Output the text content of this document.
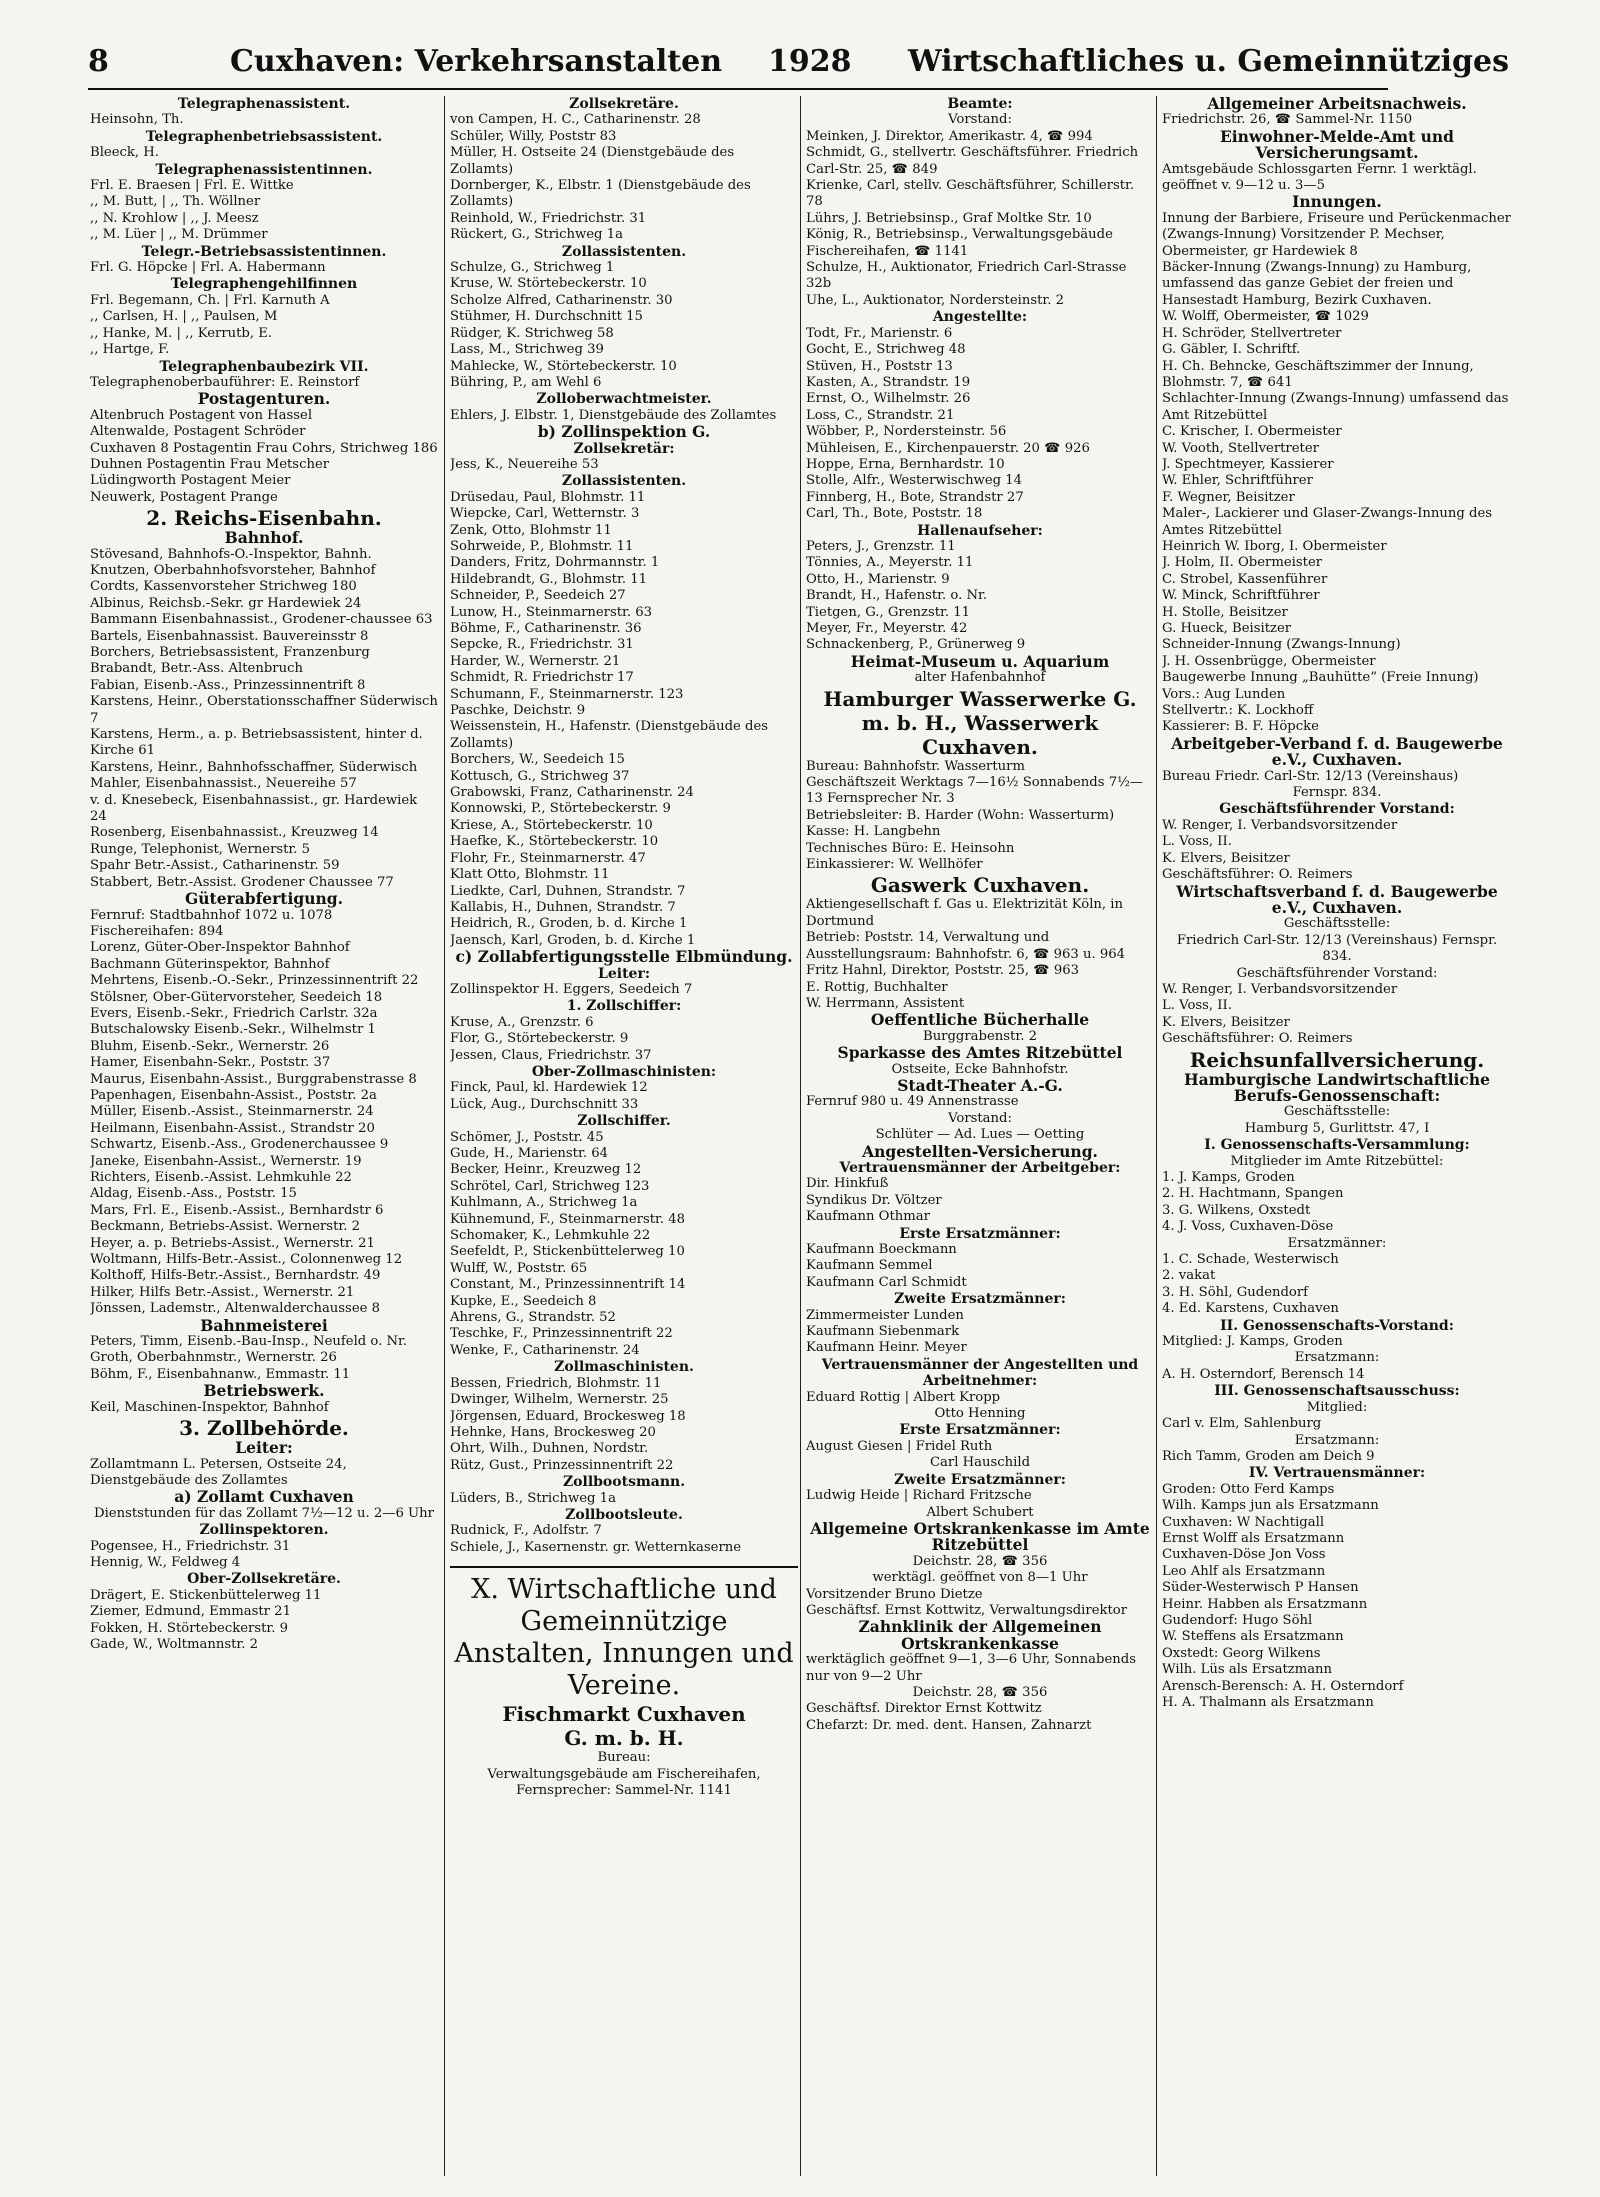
8	Cuxhaven: Verkehrsanstalten 1928 Wirtschaftliches u. Gemeinnütziges
Telegraphenassistent.
Heinsohn, Th.
Telegraphenbetriebsassistent.
Bleeck, H.
Telegraphenassistentinnen.
Frl. E. Braesen | Frl. E. Wittke
,, M. Butt, | ,, Th. Wöllner
,, N. Krohlow | ,, J. Meesz
,, M. Lüer | ,, M. Drümmer
Telegr.-Betriebsassistentinnen.
Frl. G. Höpcke | Frl. A. Habermann
Telegraphengehilfinnen
Frl. Begemann, Ch. | Frl. Karnuth A
,, Carlsen, H. | ,, Paulsen, M
,, Hanke, M. | ,, Kerrutb, E.
,, Hartge, F.
Telegraphenbaubezirk VII.
Telegraphenoberbauführer: E. Reinstorf
Postagenturen.
Altenbruch Postagent von Hassel
Altenwalde, Postagent Schröder
Cuxhaven 8 Postagentin Frau Cohrs, Strichweg 186
Duhnen Postagentin Frau Metscher
Lüdingworth Postagent Meier
Neuwerk, Postagent Prange
2. Reichs-Eisenbahn.
Bahnhof.
Stövesand, Bahnhofs-O.-Inspektor, Bahnh.
Knutzen, Oberbahnhofsvorsteher, Bahnhof
Cordts, Kassenvorsteher Strichweg 180
Albinus, Reichsb.-Sekr. gr Hardewiek 24
Bammann Eisenbahnassist., Grodener-chaussee 63
Bartels, Eisenbahnassist. Bauvereinsstr 8
Borchers, Betriebsassistent, Franzenburg
Brabandt, Betr.-Ass. Altenbruch
Fabian, Eisenb.-Ass., Prinzessinnentrift 8
Karstens, Heinr., Oberstationsschaffner Süderwisch 7
Karstens, Herm., a. p. Betriebsassistent, hinter d. Kirche 61
Karstens, Heinr., Bahnhofsschaffner, Süderwisch
Mahler, Eisenbahnassist., Neuereihe 57
v. d. Knesebeck, Eisenbahnassist., gr. Hardewiek 24
Rosenberg, Eisenbahnassist., Kreuzweg 14
Runge, Telephonist, Wernerstr. 5
Spahr Betr.-Assist., Catharinenstr. 59
Stabbert, Betr.-Assist. Grodener Chaussee 77
Güterabfertigung.
Fernruf: Stadtbahnhof 1072 u. 1078 Fischereihafen: 894
Lorenz, Güter-Ober-Inspektor Bahnhof
Bachmann Güterinspektor, Bahnhof
Mehrtens, Eisenb.-O.-Sekr., Prinzessinnentrift 22
Stölsner, Ober-Gütervorsteher, Seedeich 18
Evers, Eisenb.-Sekr., Friedrich Carlstr. 32a
Butschalowsky Eisenb.-Sekr., Wilhelmstr 1
Bluhm, Eisenb.-Sekr., Wernerstr. 26
Hamer, Eisenbahn-Sekr., Poststr. 37
Maurus, Eisenbahn-Assist., Burggrabenstrasse 8
Papenhagen, Eisenbahn-Assist., Poststr. 2a
Müller, Eisenb.-Assist., Steinmarnerstr. 24
Heilmann, Eisenbahn-Assist., Strandstr 20
Schwartz, Eisenb.-Ass., Grodenerchaussee 9
Janeke, Eisenbahn-Assist., Wernerstr. 19
Richters, Eisenb.-Assist. Lehmkuhle 22
Aldag, Eisenb.-Ass., Poststr. 15
Mars, Frl. E., Eisenb.-Assist., Bernhardstr 6
Beckmann, Betriebs-Assist. Wernerstr. 2
Heyer, a. p. Betriebs-Assist., Wernerstr. 21
Woltmann, Hilfs-Betr.-Assist., Colonnenweg 12
Kolthoff, Hilfs-Betr.-Assist., Bernhardstr. 49
Hilker, Hilfs Betr.-Assist., Wernerstr. 21
Jönssen, Lademstr., Altenwalderchaussee 8
Bahnmeisterei
Peters, Timm, Eisenb.-Bau-Insp., Neufeld o. Nr.
Groth, Oberbahnmstr., Wernerstr. 26
Böhm, F., Eisenbahnanw., Emmastr. 11
Betriebswerk.
Keil, Maschinen-Inspektor, Bahnhof
3. Zollbehörde.
Leiter:
Zollamtmann L. Petersen, Ostseite 24, Dienstgebäude des Zollamtes
a) Zollamt Cuxhaven
Dienststunden für das Zollamt 7½—12 u. 2—6 Uhr
Zollinspektoren.
Pogensee, H., Friedrichstr. 31
Hennig, W., Feldweg 4
Ober-Zollsekretäre.
Drägert, E. Stickenbüttelerweg 11
Ziemer, Edmund, Emmastr 21
Fokken, H. Störtebeckerstr. 9
Gade, W., Woltmannstr. 2
Zollsekretäre.
von Campen, H. C., Catharinenstr. 28
Schüler, Willy, Poststr 83
Müller, H. Ostseite 24 (Dienstgebäude des Zollamts)
Dornberger, K., Elbstr. 1 (Dienstgebäude des Zollamts)
Reinhold, W., Friedrichstr. 31
Rückert, G., Strichweg 1a
Zollassistenten.
Schulze, G., Strichweg 1
Kruse, W. Störtebeckerstr. 10
Scholze Alfred, Catharinenstr. 30
Stühmer, H. Durchschnitt 15
Rüdger, K. Strichweg 58
Lass, M., Strichweg 39
Mahlecke, W., Störtebeckerstr. 10
Bühring, P., am Wehl 6
Zolloberwachtmeister.
Ehlers, J. Elbstr. 1, Dienstgebäude des Zollamtes
b) Zollinspektion G.
Zollsekretär:
Jess, K., Neuereihe 53
Zollassistenten.
Drüsedau, Paul, Blohmstr. 11
Wiepcke, Carl, Wetternstr. 3
Zenk, Otto, Blohmstr 11
Sohrweide, P., Blohmstr. 11
Danders, Fritz, Dohrmannstr. 1
Hildebrandt, G., Blohmstr. 11
Schneider, P., Seedeich 27
Lunow, H., Steinmarnerstr. 63
Böhme, F., Catharinenstr. 36
Sepcke, R., Friedrichstr. 31
Harder, W., Wernerstr. 21
Schmidt, R. Friedrichstr 17
Schumann, F., Steinmarnerstr. 123
Paschke, Deichstr. 9
Weissenstein, H., Hafenstr. (Dienstgebäude des Zollamts)
Borchers, W., Seedeich 15
Kottusch, G., Strichweg 37
Grabowski, Franz, Catharinenstr. 24
Konnowski, P., Störtebeckerstr. 9
Kriese, A., Störtebeckerstr. 10
Haefke, K., Störtebeckerstr. 10
Flohr, Fr., Steinmarnerstr. 47
Klatt Otto, Blohmstr. 11
Liedkte, Carl, Duhnen, Strandstr. 7
Kallabis, H., Duhnen, Strandstr. 7
Heidrich, R., Groden, b. d. Kirche 1
Jaensch, Karl, Groden, b. d. Kirche 1
c) Zollabfertigungsstelle Elbmündung.
Leiter:
Zollinspektor H. Eggers, Seedeich 7
1. Zollschiffer:
Kruse, A., Grenzstr. 6
Flor, G., Störtebeckerstr. 9
Jessen, Claus, Friedrichstr. 37
Ober-Zollmaschinisten:
Finck, Paul, kl. Hardewiek 12
Lück, Aug., Durchschnitt 33
Zollschiffer.
Schömer, J., Poststr. 45
Gude, H., Marienstr. 64
Becker, Heinr., Kreuzweg 12
Schrötel, Carl, Strichweg 123
Kuhlmann, A., Strichweg 1a
Kühnemund, F., Steinmarnerstr. 48
Schomaker, K., Lehmkuhle 22
Seefeldt, P., Stickenbüttelerweg 10
Wulff, W., Poststr. 65
Constant, M., Prinzessinnentrift 14
Kupke, E., Seedeich 8
Ahrens, G., Strandstr. 52
Teschke, F., Prinzessinnentrift 22
Wenke, F., Catharinenstr. 24
Zollmaschinisten.
Bessen, Friedrich, Blohmstr. 11
Dwinger, Wilhelm, Wernerstr. 25
Jörgensen, Eduard, Brockesweg 18
Hehnke, Hans, Brockesweg 20
Ohrt, Wilh., Duhnen, Nordstr.
Rütz, Gust., Prinzessinnentrift 22
Zollbootsmann.
Lüders, B., Strichweg 1a
Zollbootsleute.
Rudnick, F., Adolfstr. 7
Schiele, J., Kasernenstr. gr. Wetternkaserne
X. Wirtschaftliche und Gemeinnützige Anstalten, Innungen und Vereine.
Fischmarkt Cuxhaven
G. m. b. H.
Bureau:
Verwaltungsgebäude am Fischereihafen, Fernsprecher: Sammel-Nr. 1141
Beamte:
Vorstand:
Meinken, J. Direktor, Amerikastr. 4, ☎ 994
Schmidt, G., stellvertr. Geschäftsführer. Friedrich Carl-Str. 25, ☎ 849
Krienke, Carl, stellv. Geschäftsführer, Schillerstr. 78
Lührs, J. Betriebsinsp., Graf Moltke Str. 10
König, R., Betriebsinsp., Verwaltungsgebäude Fischereihafen, ☎ 1141
Schulze, H., Auktionator, Friedrich Carl-Strasse 32b
Uhe, L., Auktionator, Nordersteinstr. 2
Angestellte:
Todt, Fr., Marienstr. 6
Gocht, E., Strichweg 48
Stüven, H., Poststr 13
Kasten, A., Strandstr. 19
Ernst, O., Wilhelmstr. 26
Loss, C., Strandstr. 21
Wöbber, P., Nordersteinstr. 56
Mühleisen, E., Kirchenpauerstr. 20 ☎ 926
Hoppe, Erna, Bernhardstr. 10
Stolle, Alfr., Westerwischweg 14
Finnberg, H., Bote, Strandstr 27
Carl, Th., Bote, Poststr. 18
Hallenaufseher:
Peters, J., Grenzstr. 11
Tönnies, A., Meyerstr. 11
Otto, H., Marienstr. 9
Brandt, H., Hafenstr. o. Nr.
Tietgen, G., Grenzstr. 11
Meyer, Fr., Meyerstr. 42
Schnackenberg, P., Grünerweg 9
Heimat-Museum u. Aquarium
alter Hafenbahnhof
Hamburger Wasserwerke G. m. b. H., Wasserwerk Cuxhaven.
Bureau: Bahnhofstr. Wasserturm
Geschäftszeit Werktags 7—16½ Sonnabends 7½—13 Fernsprecher Nr. 3
Betriebsleiter: B. Harder (Wohn: Wasserturm)
Kasse: H. Langbehn
Technisches Büro: E. Heinsohn
Einkassierer: W. Wellhöfer
Gaswerk Cuxhaven.
Aktiengesellschaft f. Gas u. Elektrizität Köln, in Dortmund
Betrieb: Poststr. 14, Verwaltung und Ausstellungsraum: Bahnhofstr. 6, ☎ 963 u. 964
Fritz Hahnl, Direktor, Poststr. 25, ☎ 963
E. Rottig, Buchhalter
W. Herrmann, Assistent
Oeffentliche Bücherhalle
Burggrabenstr. 2
Sparkasse des Amtes Ritzebüttel
Ostseite, Ecke Bahnhofstr.
Stadt-Theater A.-G.
Fernruf 980 u. 49 Annenstrasse
Vorstand:
Schlüter — Ad. Lues — Oetting
Angestellten-Versicherung.
Vertrauensmänner der Arbeitgeber:
Dir. Hinkfuß
Syndikus Dr. Völtzer
Kaufmann Othmar
Erste Ersatzmänner:
Kaufmann Boeckmann
Kaufmann Semmel
Kaufmann Carl Schmidt
Zweite Ersatzmänner:
Zimmermeister Lunden
Kaufmann Siebenmark
Kaufmann Heinr. Meyer
Vertrauensmänner der Angestellten und Arbeitnehmer:
Eduard Rottig | Albert Kropp
Otto Henning
Erste Ersatzmänner:
August Giesen | Fridel Ruth
Carl Hauschild
Zweite Ersatzmänner:
Ludwig Heide | Richard Fritzsche
Albert Schubert
Allgemeine Ortskrankenkasse im Amte Ritzebüttel
Deichstr. 28, ☎ 356
werktägl. geöffnet von 8—1 Uhr
Vorsitzender Bruno Dietze
Geschäftsf. Ernst Kottwitz, Verwaltungsdirektor
Zahnklinik der Allgemeinen Ortskrankenkasse
werktäglich geöffnet 9—1, 3—6 Uhr, Sonnabends nur von 9—2 Uhr
Deichstr. 28, ☎ 356
Geschäftsf. Direktor Ernst Kottwitz
Chefarzt: Dr. med. dent. Hansen, Zahnarzt
Allgemeiner Arbeitsnachweis.
Friedrichstr. 26, ☎ Sammel-Nr. 1150
Einwohner-Melde-Amt und Versicherungsamt.
Amtsgebäude Schlossgarten Fernr. 1 werktägl. geöffnet v. 9—12 u. 3—5
Innungen.
Innung der Barbiere, Friseure und Perückenmacher (Zwangs-Innung) Vorsitzender P. Mechser, Obermeister, gr Hardewiek 8
Bäcker-Innung (Zwangs-Innung) zu Hamburg, umfassend das ganze Gebiet der freien und Hansestadt Hamburg, Bezirk Cuxhaven.
W. Wolff, Obermeister, ☎ 1029
H. Schröder, Stellvertreter
G. Gäbler, I. Schriftf.
H. Ch. Behncke, Geschäftszimmer der Innung, Blohmstr. 7, ☎ 641
Schlachter-Innung (Zwangs-Innung) umfassend das Amt Ritzebüttel
C. Krischer, I. Obermeister
W. Vooth, Stellvertreter
J. Spechtmeyer, Kassierer
W. Ehler, Schriftführer
F. Wegner, Beisitzer
Maler-, Lackierer und Glaser-Zwangs-Innung des Amtes Ritzebüttel
Heinrich W. Iborg, I. Obermeister
J. Holm, II. Obermeister
C. Strobel, Kassenführer
W. Minck, Schriftführer
H. Stolle, Beisitzer
G. Hueck, Beisitzer
Schneider-Innung (Zwangs-Innung)
J. H. Ossenbrügge, Obermeister
Baugewerbe Innung „Bauhütte“ (Freie Innung)
Vors.: Aug Lunden
Stellvertr.: K. Lockhoff
Kassierer: B. F. Höpcke
Arbeitgeber-Verband f. d. Baugewerbe e.V., Cuxhaven.
Bureau Friedr. Carl-Str. 12/13 (Vereinshaus)
Fernspr. 834.
Geschäftsführender Vorstand:
W. Renger, I. Verbandsvorsitzender
L. Voss, II.
K. Elvers, Beisitzer
Geschäftsführer: O. Reimers
Wirtschaftsverband f. d. Baugewerbe e.V., Cuxhaven.
Geschäftsstelle:
Friedrich Carl-Str. 12/13 (Vereinshaus) Fernspr. 834.
Geschäftsführender Vorstand:
W. Renger, I. Verbandsvorsitzender
L. Voss, II.
K. Elvers, Beisitzer
Geschäftsführer: O. Reimers
Reichsunfallversicherung.
Hamburgische Landwirtschaftliche Berufs-Genossenschaft:
Geschäftsstelle:
Hamburg 5, Gurlittstr. 47, I
I. Genossenschafts-Versammlung:
Mitglieder im Amte Ritzebüttel:
1. J. Kamps, Groden
2. H. Hachtmann, Spangen
3. G. Wilkens, Oxstedt
4. J. Voss, Cuxhaven-Döse
Ersatzmänner:
1. C. Schade, Westerwisch
2. vakat
3. H. Söhl, Gudendorf
4. Ed. Karstens, Cuxhaven
II. Genossenschafts-Vorstand:
Mitglied: J. Kamps, Groden
Ersatzmann:
A. H. Osterndorf, Berensch 14
III. Genossenschaftsausschuss:
Mitglied:
Carl v. Elm, Sahlenburg
Ersatzmann:
Rich Tamm, Groden am Deich 9
IV. Vertrauensmänner:
Groden: Otto Ferd Kamps
Wilh. Kamps jun als Ersatzmann
Cuxhaven: W Nachtigall
Ernst Wolff als Ersatzmann
Cuxhaven-Döse Jon Voss
Leo Ahlf als Ersatzmann
Süder-Westerwisch P Hansen
Heinr. Habben als Ersatzmann
Gudendorf: Hugo Söhl
W. Steffens als Ersatzmann
Oxstedt: Georg Wilkens
Wilh. Lüs als Ersatzmann
Arensch-Berensch: A. H. Osterndorf
H. A. Thalmann als Ersatzmann
